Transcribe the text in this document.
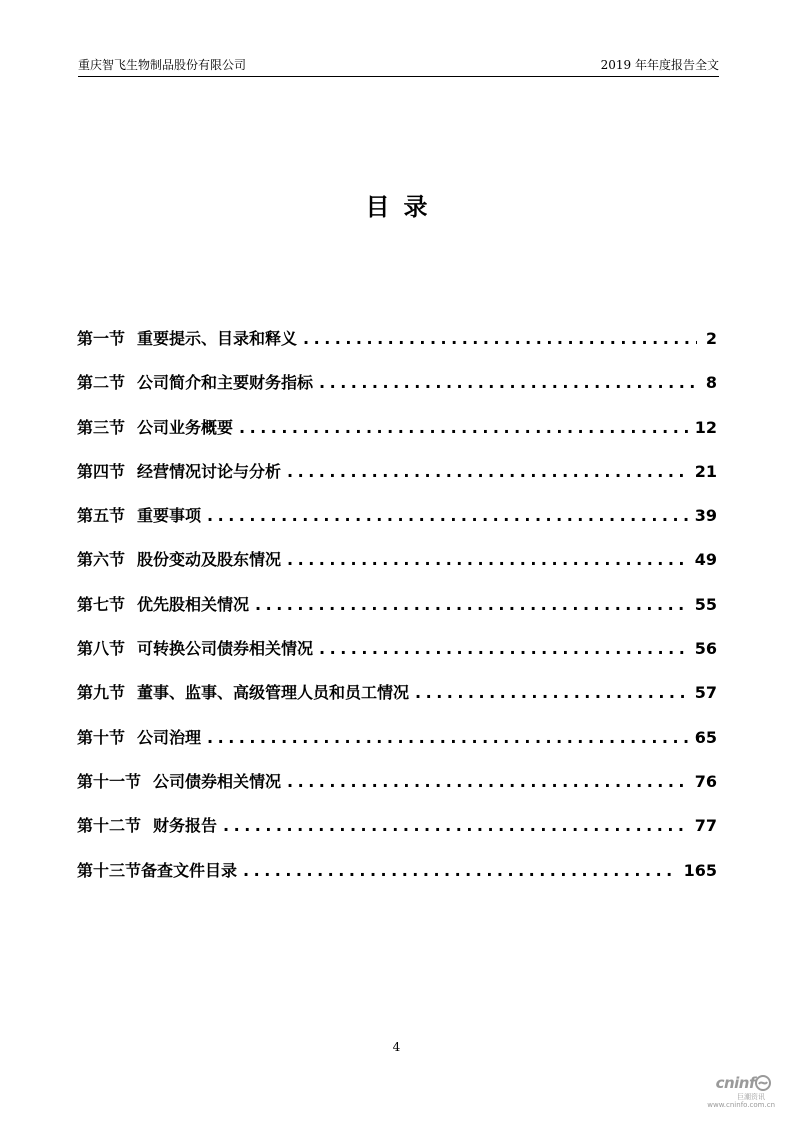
重庆智飞生物制品股份有限公司	2019 年年度报告全文
目录
第一节 重要提示、目录和释义 .....	2
第二节 公司简介和主要财务指标 .....	8
第三节 公司业务概要 .....	12
第四节 经营情况讨论与分析 .....	21
第五节 重要事项 .....	39
第六节 股份变动及股东情况 .....	49
第七节 优先股相关情况 .....	55
第八节 可转换公司债券相关情况 .....	56
第九节 董事、监事、高级管理人员和员工情况 .....	57
第十节 公司治理 .....	65
第十一节 公司债券相关情况 .....	76
第十二节 财务报告 .....	77
第十三节 备查文件目录 .....	165
4
cninf
巨潮资讯
www.cninfo.com.cn
